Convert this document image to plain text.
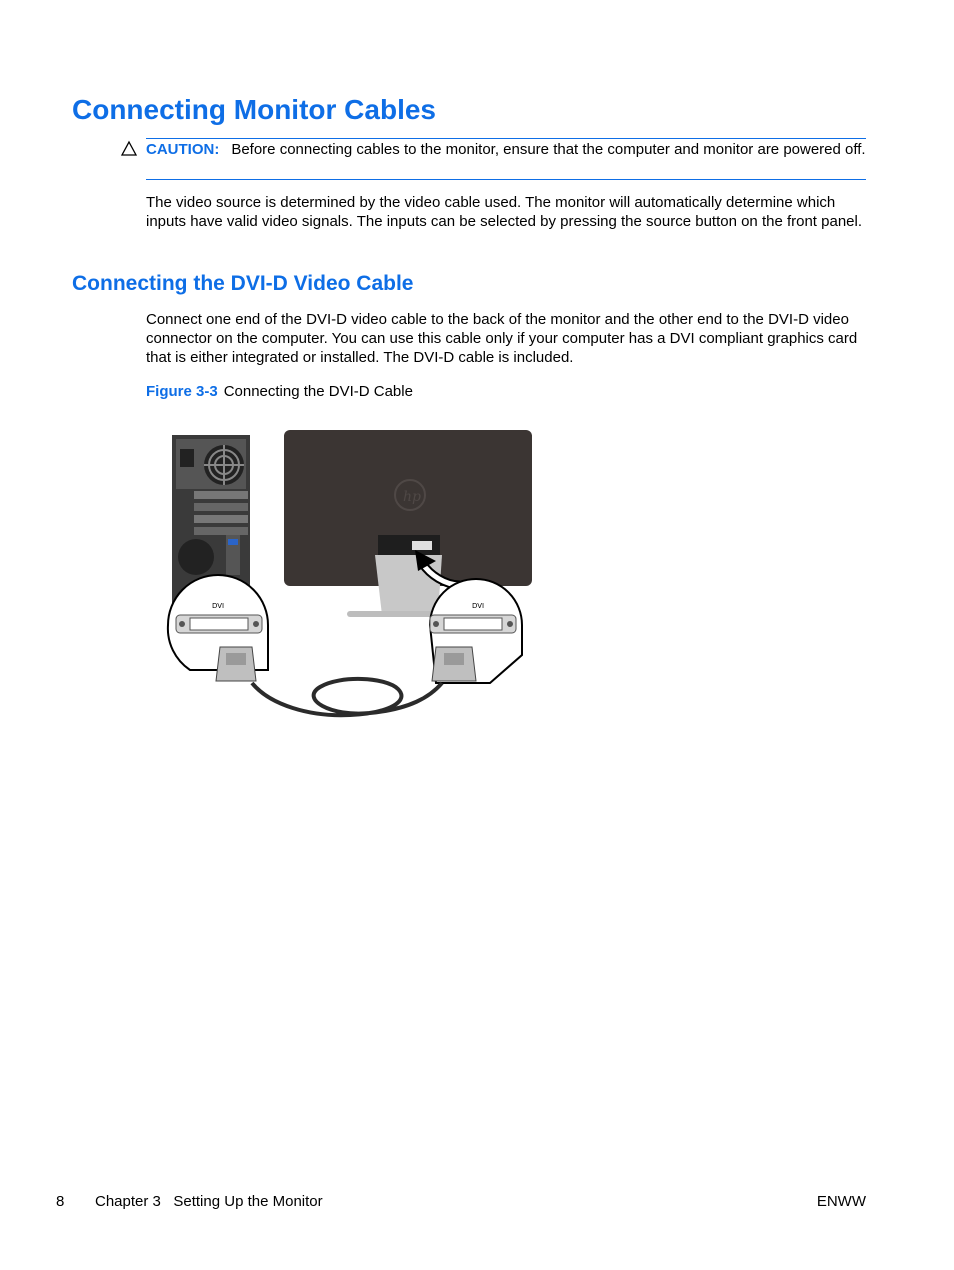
Connecting Monitor Cables
CAUTION: Before connecting cables to the monitor, ensure that the computer and monitor are powered off.

The video source is determined by the video cable used. The monitor will automatically determine which inputs have valid video signals. The inputs can be selected by pressing the source button on the front panel.

Connecting the DVI-D Video Cable

Connect one end of the DVI-D video cable to the back of the monitor and the other end to the DVI-D video connector on the computer. You can use this cable only if your computer has a DVI compliant graphics card that is either integrated or installed. The DVI-D cable is included.

Figure 3-3 Connecting the DVI-D Cable
hp
DVI	DVI
8 Chapter 3   Setting Up the Monitor	ENWW
